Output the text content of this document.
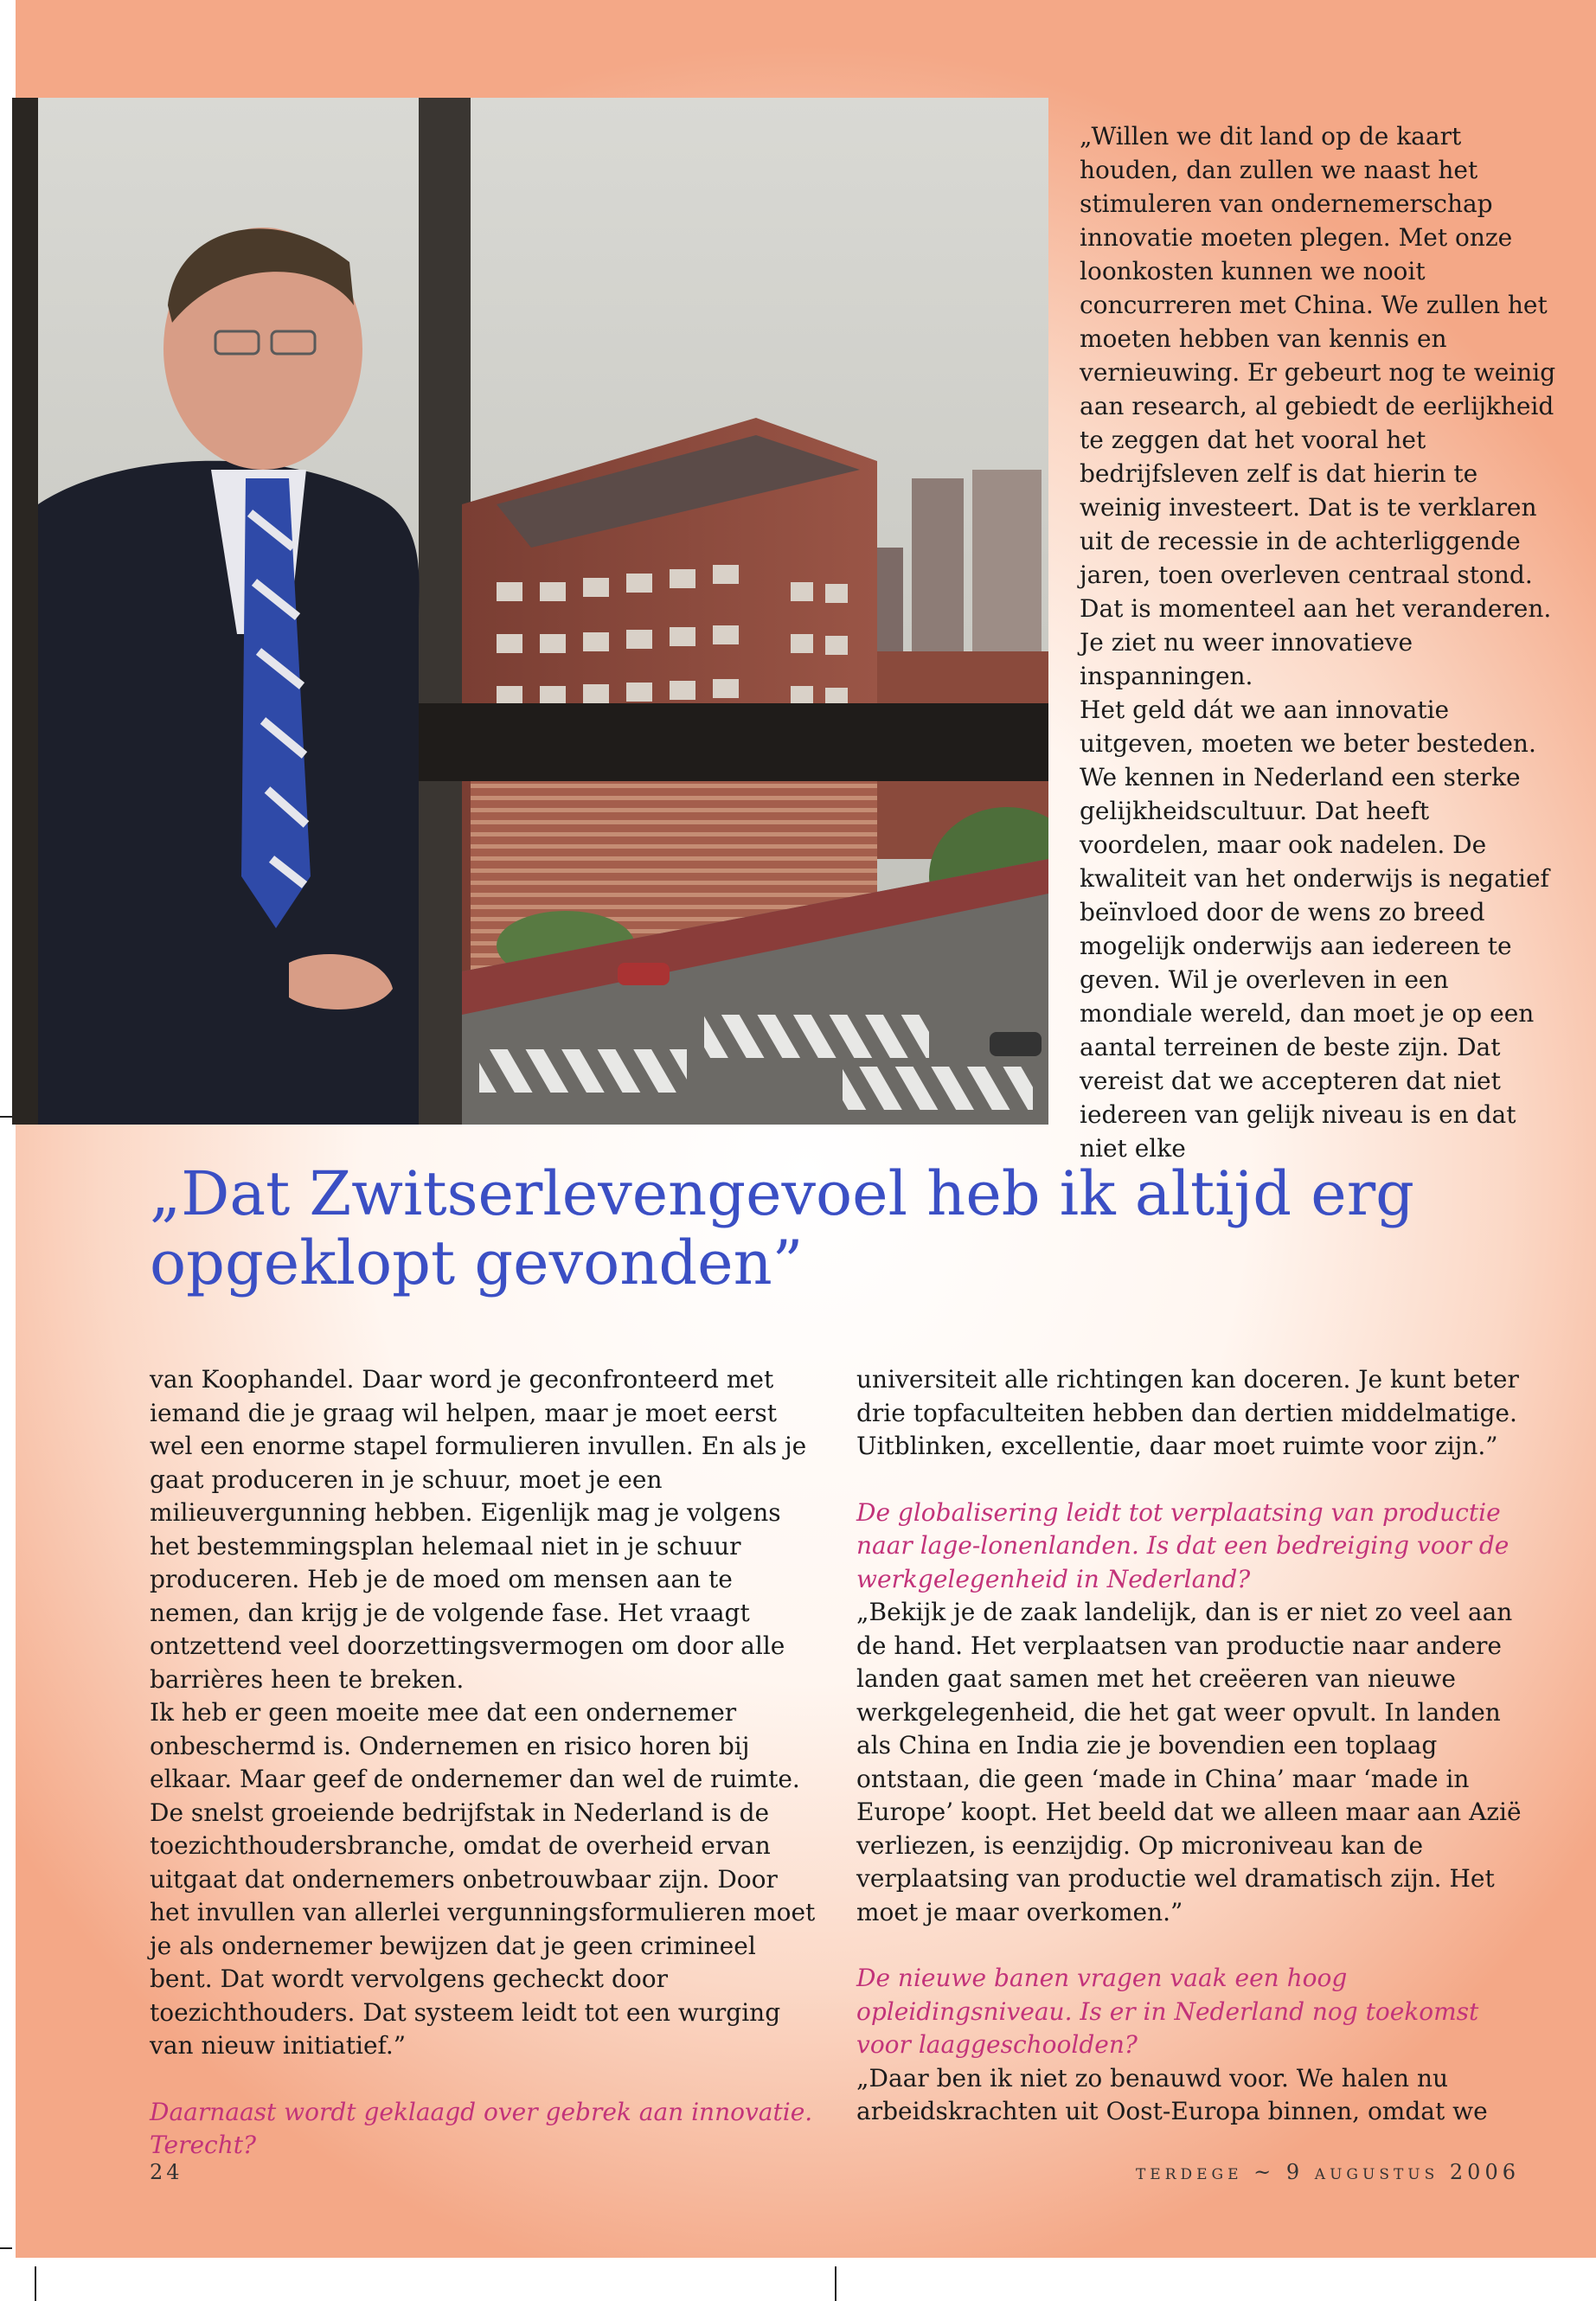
„Willen we dit land op de kaart houden, dan zullen we naast het stimuleren van ondernemerschap innovatie moeten plegen. Met onze loonkosten kunnen we nooit concurreren met China. We zullen het moeten hebben van kennis en vernieuwing. Er gebeurt nog te weinig aan research, al gebiedt de eerlijkheid te zeggen dat het vooral het bedrijfsleven zelf is dat hierin te weinig investeert. Dat is te verklaren uit de recessie in de achterliggende jaren, toen overleven centraal stond. Dat is momenteel aan het veranderen. Je ziet nu weer innovatieve inspanningen.

Het geld dát we aan innovatie uitgeven, moeten we beter besteden. We kennen in Nederland een sterke gelijkheidscultuur. Dat heeft voordelen, maar ook nadelen. De kwaliteit van het onderwijs is negatief beïnvloed door de wens zo breed mogelijk onderwijs aan iedereen te geven. Wil je overleven in een mondiale wereld, dan moet je op een aantal terreinen de beste zijn. Dat vereist dat we accepteren dat niet iedereen van gelijk niveau is en dat niet elke

„Dat Zwitserlevengevoel heb ik altijd erg opgeklopt gevonden”

van Koophandel. Daar word je geconfronteerd met iemand die je graag wil helpen, maar je moet eerst wel een enorme stapel formulieren invullen. En als je gaat produceren in je schuur, moet je een milieuvergunning hebben. Eigenlijk mag je volgens het bestemmingsplan helemaal niet in je schuur produceren. Heb je de moed om mensen aan te nemen, dan krijg je de volgende fase. Het vraagt ontzettend veel doorzettingsvermogen om door alle barrières heen te breken.

Ik heb er geen moeite mee dat een ondernemer onbeschermd is. Ondernemen en risico horen bij elkaar. Maar geef de ondernemer dan wel de ruimte. De snelst groeiende bedrijfstak in Nederland is de toezichthoudersbranche, omdat de overheid ervan uitgaat dat ondernemers onbetrouwbaar zijn. Door het invullen van allerlei vergunningsformulieren moet je als ondernemer bewijzen dat je geen crimineel bent. Dat wordt vervolgens gecheckt door toezichthouders. Dat systeem leidt tot een wurging van nieuw initiatief.”

Daarnaast wordt geklaagd over gebrek aan innovatie. Terecht?

universiteit alle richtingen kan doceren. Je kunt beter drie topfaculteiten hebben dan dertien middelmatige. Uitblinken, excellentie, daar moet ruimte voor zijn.”

De globalisering leidt tot verplaatsing van productie naar lage-lonenlanden. Is dat een bedreiging voor de werkgelegenheid in Nederland?

„Bekijk je de zaak landelijk, dan is er niet zo veel aan de hand. Het verplaatsen van productie naar andere landen gaat samen met het creëeren van nieuwe werkgelegenheid, die het gat weer opvult. In landen als China en India zie je bovendien een toplaag ontstaan, die geen ‘made in China’ maar ‘made in Europe’ koopt. Het beeld dat we alleen maar aan Azië verliezen, is eenzijdig. Op microniveau kan de verplaatsing van productie wel dramatisch zijn. Het moet je maar overkomen.”

De nieuwe banen vragen vaak een hoog opleidingsniveau. Is er in Nederland nog toekomst voor laaggeschoolden?

„Daar ben ik niet zo benauwd voor. We halen nu arbeidskrachten uit Oost-Europa binnen, omdat we

24	terdege ~ 9 augustus 2006
